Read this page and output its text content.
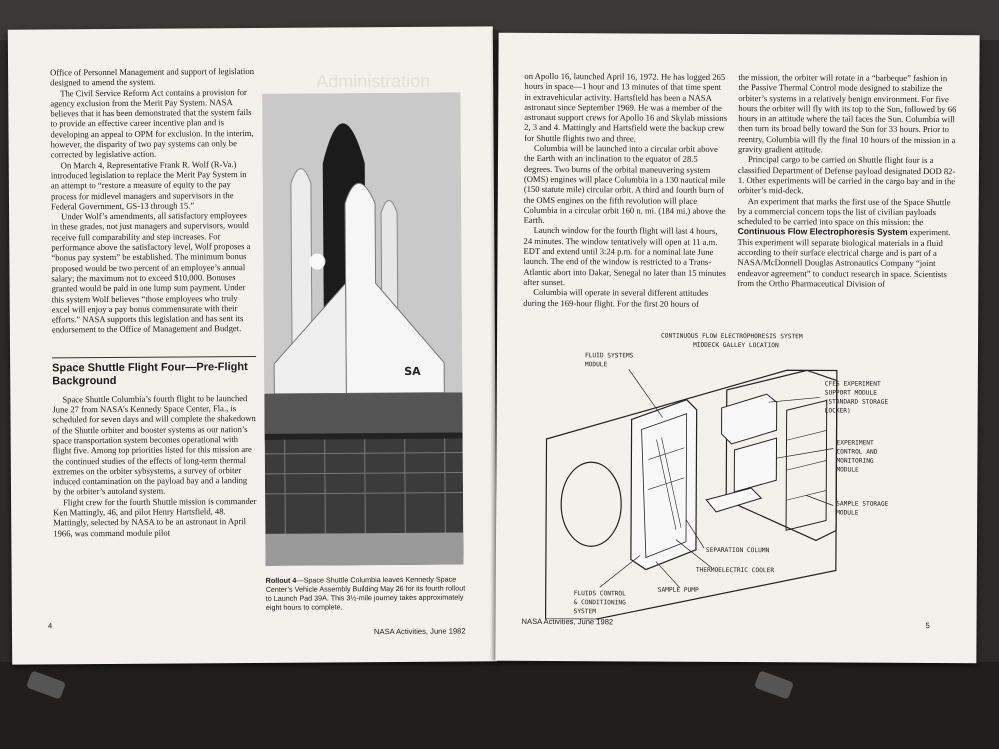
Administration

Office of Personnel Management and support of legislation designed to amend the system.

The Civil Service Reform Act contains a provision for agency exclusion from the Merit Pay System. NASA believes that it has been demonstrated that the system fails to provide an effective career incentive plan and is developing an appeal to OPM for exclusion. In the interim, however, the disparity of two pay systems can only be corrected by legislative action.

On March 4, Representative Frank R. Wolf (R-Va.) introduced legislation to replace the Merit Pay System in an attempt to “restore a measure of equity to the pay process for midlevel managers and supervisors in the Federal Government, GS-13 through 15.”

Under Wolf’s amendments, all satisfactory employees in these grades, not just managers and supervisors, would receive full comparability and step increases. For performance above the satisfactory level, Wolf proposes a “bonus pay system” be established. The minimum bonus proposed would be two percent of an employee’s annual salary; the maximum not to exceed $10,000. Bonuses granted would be paid in one lump sum payment. Under this system Wolf believes “those employees who truly excel will enjoy a pay bonus commensurate with their efforts.” NASA supports this legislation and has sent its endorsement to the Office of Management and Budget.

Space Shuttle Flight Four—Pre-Flight Background

Space Shuttle Columbia’s fourth flight to be launched June 27 from NASA’s Kennedy Space Center, Fla., is scheduled for seven days and will complete the shakedown of the Shuttle orbiter and booster systems as our nation’s space transportation system becomes operational with flight five. Among top priorities listed for this mission are the continued studies of the effects of long-term thermal extremes on the orbiter sybsystems, a survey of orbiter induced contamination on the payload bay and a landing by the orbiter’s autoland system.

Flight crew for the fourth Shuttle mission is commander Ken Mattingly, 46, and pilot Henry Hartsfield, 48. Mattingly, selected by NASA to be an astronaut in April 1966, was command module pilot

SA
Rollout 4—Space Shuttle Columbia leaves Kennedy Space Center’s Vehicle Assembly Building May 26 for its fourth rollout to Launch Pad 39A. This 3½-mile journey takes approximately eight hours to complete.
4
NASA Activities, June 1982

on Apollo 16, launched April 16, 1972. He has logged 265 hours in space—1 hour and 13 minutes of that time spent in extravehicular activity. Hartsfield has been a NASA astronaut since September 1969. He was a member of the astronaut support crews for Apollo 16 and Skylab missions 2, 3 and 4. Mattingly and Hartsfield were the backup crew for Shuttle flights two and three.

Columbia will be launched into a circular orbit above the Earth with an inclination to the equator of 28.5 degrees. Two burns of the orbital maneuvering system (OMS) engines will place Columbia in a 130 nautical mile (150 statute mile) circular orbit. A third and fourth burn of the OMS engines on the fifth revolution will place Columbia in a circular orbit 160 n. mi. (184 mi.) above the Earth.

Launch window for the fourth flight will last 4 hours, 24 minutes. The window tentatively will open at 11 a.m. EDT and extend until 3:24 p.m. for a nominal late June launch. The end of the window is restricted to a Trans-Atlantic abort into Dakar, Senegal no later than 15 minutes after sunset.

Columbia will operate in several different attitudes during the 169-hour flight. For the first 20 hours of

the mission, the orbiter will rotate in a “barbeque” fashion in the Passive Thermal Control mode designed to stabilize the orbiter’s systems in a relatively benign environment. For five hours the orbiter will fly with its top to the Sun, followed by 66 hours in an attitude where the tail faces the Sun. Columbia will then turn its broad belly toward the Sun for 33 hours. Prior to reentry, Columbia will fly the final 10 hours of the mission in a gravity gradient attitude.

Principal cargo to be carried on Shuttle flight four is a classified Department of Defense payload designated DOD 82-1. Other experiments will be carried in the cargo bay and in the orbiter’s mid-deck.

An experiment that marks the first use of the Space Shuttle by a commercial concern tops the list of civilian payloads scheduled to be carried into space on this mission: the Continuous Flow Electrophoresis System experiment. This experiment will separate biological materials in a fluid according to their surface electrical charge and is part of a NASA/McDonnell Douglas Astronautics Company “joint endeavor agreement” to conduct research in space. Scientists from the Ortho Pharmaceutical Division of

CONTINUOUS FLOW ELECTROPHORESIS SYSTEM
MIDDECK GALLEY LOCATION
FLUID SYSTEMS
MODULE
CFES EXPERIMENT
SUPPORT MODULE
(STANDARD STORAGE
LOCKER)
EXPERIMENT
CONTROL AND
MONITORING
MODULE
SAMPLE STORAGE
MODULE
SEPARATION COLUMN
THERMOELECTRIC COOLER
SAMPLE PUMP
FLUIDS CONTROL
& CONDITIONING
SYSTEM
NASA Activities, June 1982	5
